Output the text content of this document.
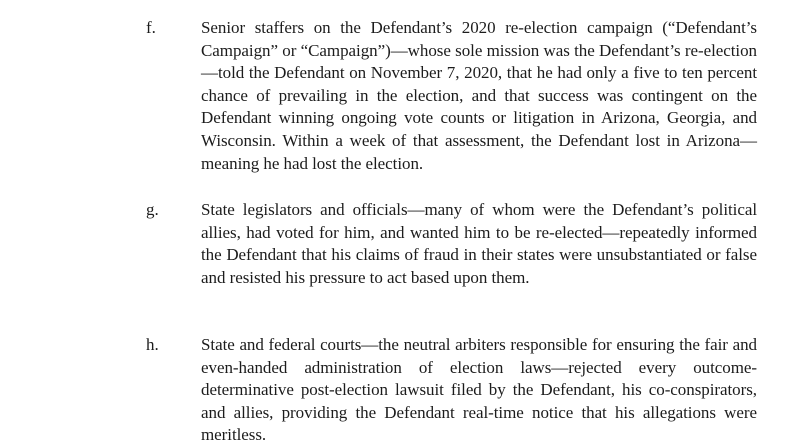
f.	Senior staffers on the Defendant’s 2020 re-election campaign (“Defendant’s Campaign” or “Campaign”)—whose sole mission was the Defendant’s re-election—told the Defendant on November 7, 2020, that he had only a five to ten percent chance of prevailing in the election, and that success was contingent on the Defendant winning ongoing vote counts or litigation in Arizona, Georgia, and Wisconsin. Within a week of that assessment, the Defendant lost in Arizona—meaning he had lost the election.
g. State legislators and officials—many of whom were the Defendant’s political allies, had voted for him, and wanted him to be re-elected—repeatedly informed the Defendant that his claims of fraud in their states were unsubstantiated or false and resisted his pressure to act based upon them.
h. State and federal courts—the neutral arbiters responsible for ensuring the fair and even-handed administration of election laws—rejected every outcome-determinative post-election lawsuit filed by the Defendant, his co-conspirators, and allies, providing the Defendant real-time notice that his allegations were meritless.
